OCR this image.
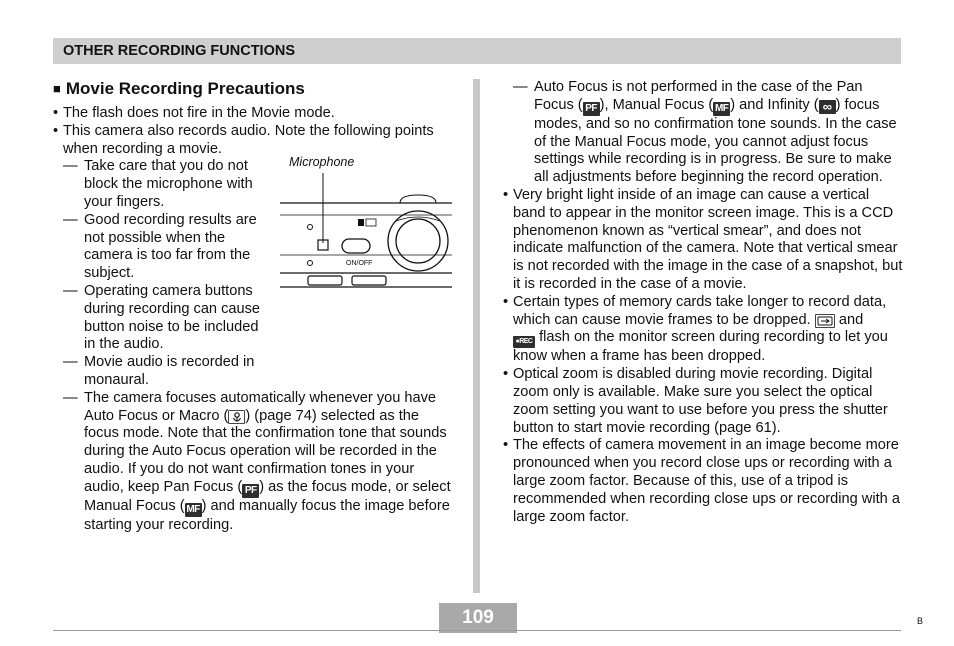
OTHER RECORDING FUNCTIONS
■ Movie Recording Precautions
• The flash does not fire in the Movie mode.
• This camera also records audio. Note the following points when recording a movie.
— Take care that you do not block the microphone with your fingers.
— Good recording results are not possible when the camera is too far from the subject.
— Operating camera buttons during recording can cause button noise to be included in the audio.
— Movie audio is recorded in monaural.
— The camera focuses automatically whenever you have Auto Focus or Macro ( ) (page 74) selected as the focus mode. Note that the confirmation tone that sounds during the Auto Focus operation will be recorded in the audio. If you do not want confirmation tones in your audio, keep Pan Focus ( PF ) as the focus mode, or select Manual Focus ( MF ) and manually focus the image before starting your recording.
Microphone
ON/OFF
— Auto Focus is not performed in the case of the Pan Focus ( PF ), Manual Focus ( MF ) and Infinity ( ∞ ) focus modes, and so no confirmation tone sounds. In the case of the Manual Focus mode, you cannot adjust focus settings while recording is in progress. Be sure to make all adjustments before beginning the record operation.
• Very bright light inside of an image can cause a vertical band to appear in the monitor screen image. This is a CCD phenomenon known as “vertical smear”, and does not indicate malfunction of the camera. Note that vertical smear is not recorded with the image in the case of a snapshot, but it is recorded in the case of a movie.
• Certain types of memory cards take longer to record data, which can cause movie frames to be dropped. and
●REC flash on the monitor screen during recording to let you know when a frame has been dropped.
• Optical zoom is disabled during movie recording. Digital zoom only is available. Make sure you select the optical zoom setting you want to use before you press the shutter button to start movie recording (page 61).
• The effects of camera movement in an image become more pronounced when you record close ups or recording with a large zoom factor. Because of this, use of a tripod is recommended when recording close ups or recording with a large zoom factor.
109	B
